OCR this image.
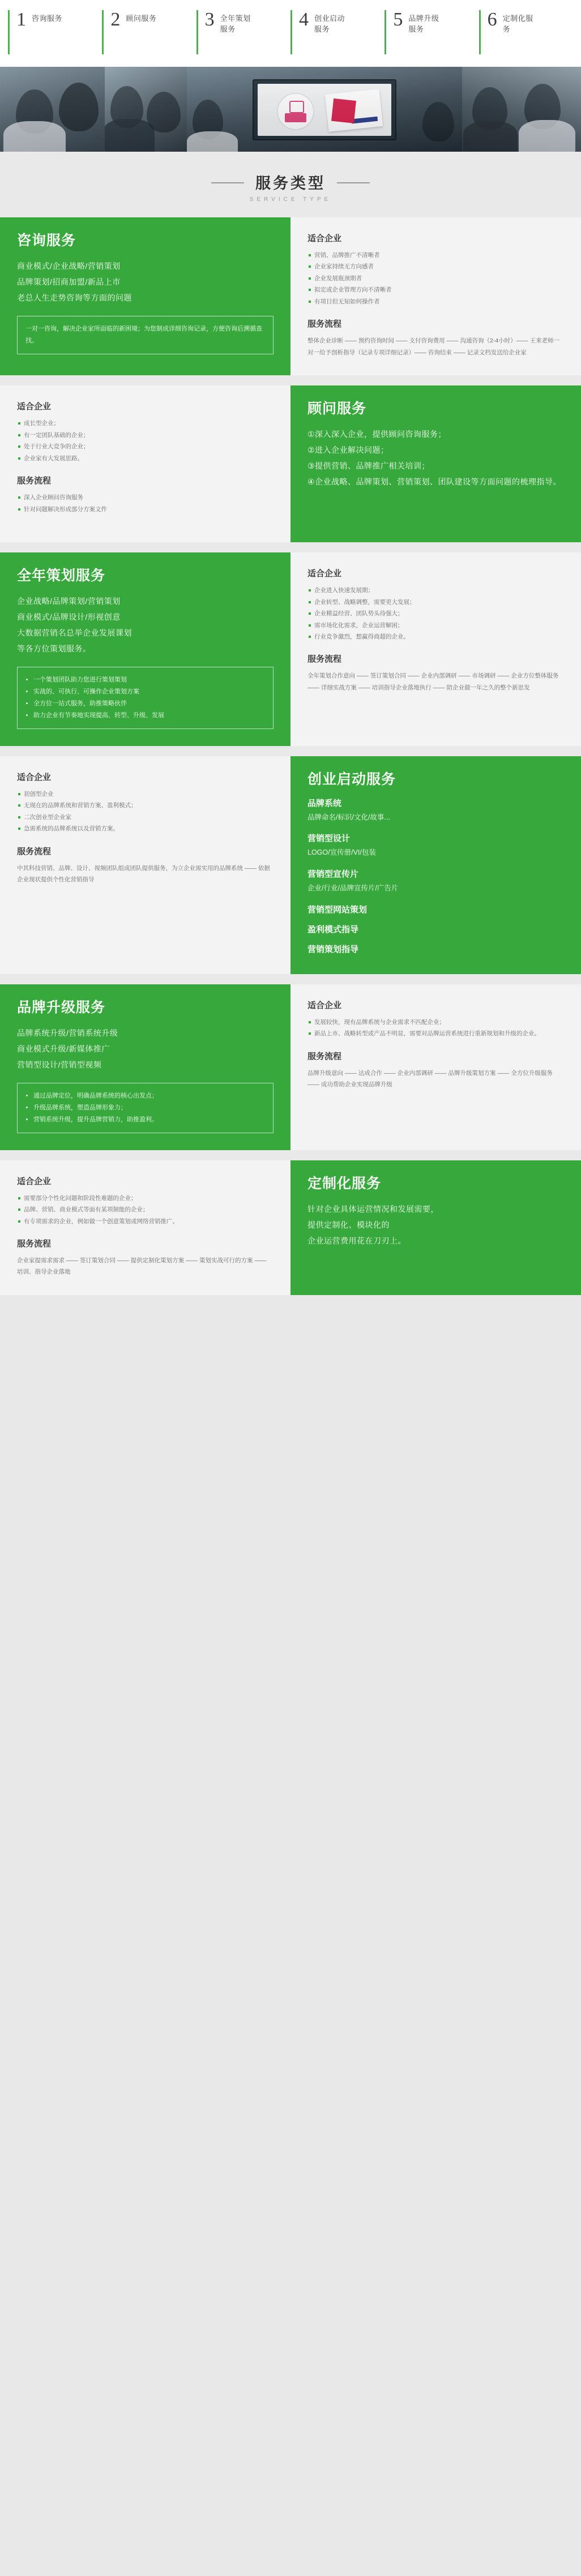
1 咨询服务	2 顾问服务	3 全年策划服务	4 创业启动服务	5 品牌升级服务	6 定制化服务
服务类型
SERVICE TYPE
咨询服务
商业模式/企业战略/营销策划
品牌策划/招商加盟/新品上市
老总人生走势咨询等方面的问题
一对一咨询，解决企业家所面临的新困境；为您制成详细咨询记录，方便咨询后溯循查找。
适合企业
营销、品牌推广不清晰者
企业家持续无方向感者
企业发展瓶颈期者
拟定或企业管理方向不清晰者
有项目但无知如何操作者
服务流程

整体企业诊断 —— 预约咨询时间 —— 支付咨询费用 —— 沟通咨询（2-4小时）—— 王来老师一对一给予剖析指导（记录专项详细记录）—— 咨询结束 —— 记录文档发送给企业家

适合企业
成长型企业；
有一定团队基础的企业；
处于行业大竞争的企业；
企业家有大发展思路。
服务流程
深入企业顾问咨询服务
针对问题解决形成部分方案文件
顾问服务
①深入深入企业，提供顾问咨询服务；
②进入企业解决问题；
③提供营销、品牌推广相关培训；
④企业战略、品牌策划、营销策划、团队建设等方面问题的梳理指导。
全年策划服务
企业战略/品牌策划/营销策划
商业模式/品牌设计/形视创意
大数据营销名总举企业发展课划
等各方位策划服务。
• 一个策划团队助力您进行策划策划
• 实战的、可执行、可操作企业策划方案
• 全方位一站式服务，助推策略伙伴
• 助力企业有节奏地实现提高、转型、升级、发展
适合企业
企业进入快速发展期；
企业转型、战略调整，需要更大发展；
企业精益经营、团队势头待强大；
需市场化化需求，企业运营解困；
行业竞争激烈，想赢得商超的企业。
服务流程

全年策划合作意向 —— 签订策划合同 —— 企业内部调研 —— 市场调研 —— 企业方位整体服务 —— 详细实战方案 —— 培训指导企业落地执行 —— 陪企业做一年之久的整个新思发

适合企业
初创型企业
无现在的品牌系统和营销方案、盈利模式；
二次创业型企业家
急需系统的品牌系统以及营销方案。
服务流程

中其科技营销、品牌、设计、视频团队组成团队提供服务，为立企业需实用的品牌系统 —— 依据企业现状提供个性化营销指导

创业启动服务
品牌系统

品牌命名/标识/文化/故事...

营销型设计

LOGO/宣传册/VI/包装

营销型宣传片

企业/行业/品牌宣传片/广告片

营销型网站策划
盈利模式指导
营销策划指导
品牌升级服务
品牌系统升级/营销系统升级
商业模式升级/新媒体推广
营销型设计/营销型视频
• 通过品牌定位，明确品牌系统的核心出发点；
• 升级品牌系统，塑造品牌形象力；
• 营销系统升级，提升品牌营销力，助推盈利。
适合企业
发展较快，现有品牌系统与企业需求不匹配企业；
新品上市、战略转型或产品不明显，需要对品牌运营系统进行重新规划和升级的企业。
服务流程

品牌升级意向 —— 达成合作 —— 企业内部调研 —— 品牌升级策划方案 —— 全方位升级服务 —— 成功帮助企业实现品牌升级

适合企业
需要部分个性化问题和阶段性难题的企业；
品牌、营销、商业模式等面有某项制能的企业；
有专项需求的企业，例如做一个创意策划或网络营销推广。
服务流程

企业家提需求需求 —— 签订策划合同 —— 提供定制化策划方案 —— 策划实战可行的方案 —— 培训、指导企业落地

定制化服务
针对企业具体运营情况和发展需要，
提供定制化、模块化的
企业运营费用花在刀刃上。
